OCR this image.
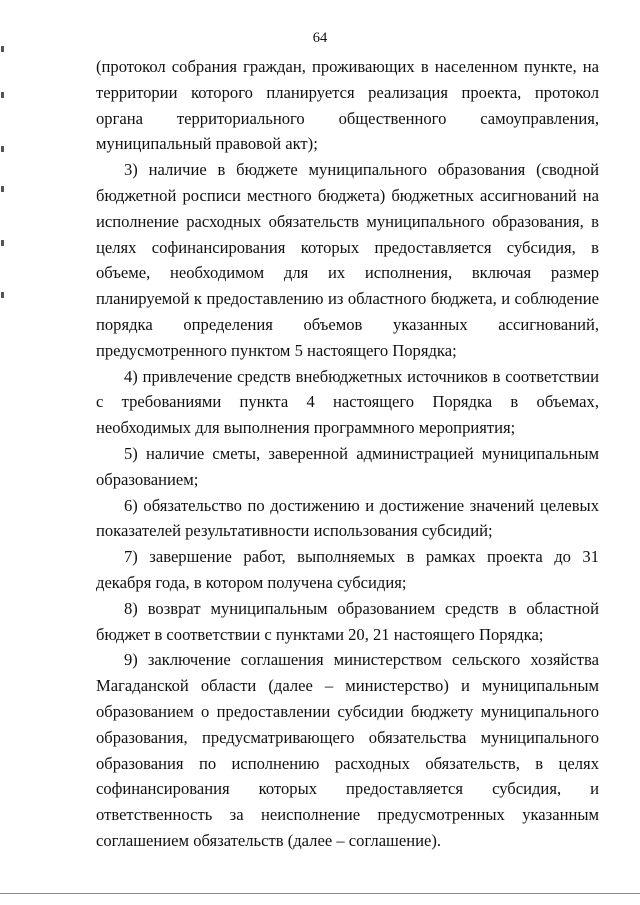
64

(протокол собрания граждан, проживающих в населенном пункте, на территории которого планируется реализация проекта, протокол органа территориального общественного самоуправления, муниципальный правовой акт);

3) наличие в бюджете муниципального образования (сводной бюджетной росписи местного бюджета) бюджетных ассигнований на исполнение расходных обязательств муниципального образования, в целях софинансирования которых предоставляется субсидия, в объеме, необходимом для их исполнения, включая размер планируемой к предоставлению из областного бюджета, и соблюдение порядка определения объемов указанных ассигнований, предусмотренного пунктом 5 настоящего Порядка;

4) привлечение средств внебюджетных источников в соответствии с требованиями пункта 4 настоящего Порядка в объемах, необходимых для выполнения программного мероприятия;

5) наличие сметы, заверенной администрацией муниципальным образованием;

6) обязательство по достижению и достижение значений целевых показателей результативности использования субсидий;

7) завершение работ, выполняемых в рамках проекта до 31 декабря года, в котором получена субсидия;

8) возврат муниципальным образованием средств в областной бюджет в соответствии с пунктами 20, 21 настоящего Порядка;

9) заключение соглашения министерством сельского хозяйства Магаданской области (далее – министерство) и муниципальным образованием о предоставлении субсидии бюджету муниципального образования, предусматривающего обязательства муниципального образования по исполнению расходных обязательств, в целях софинансирования которых предоставляется субсидия, и ответственность за неисполнение предусмотренных указанным соглашением обязательств (далее – соглашение).
